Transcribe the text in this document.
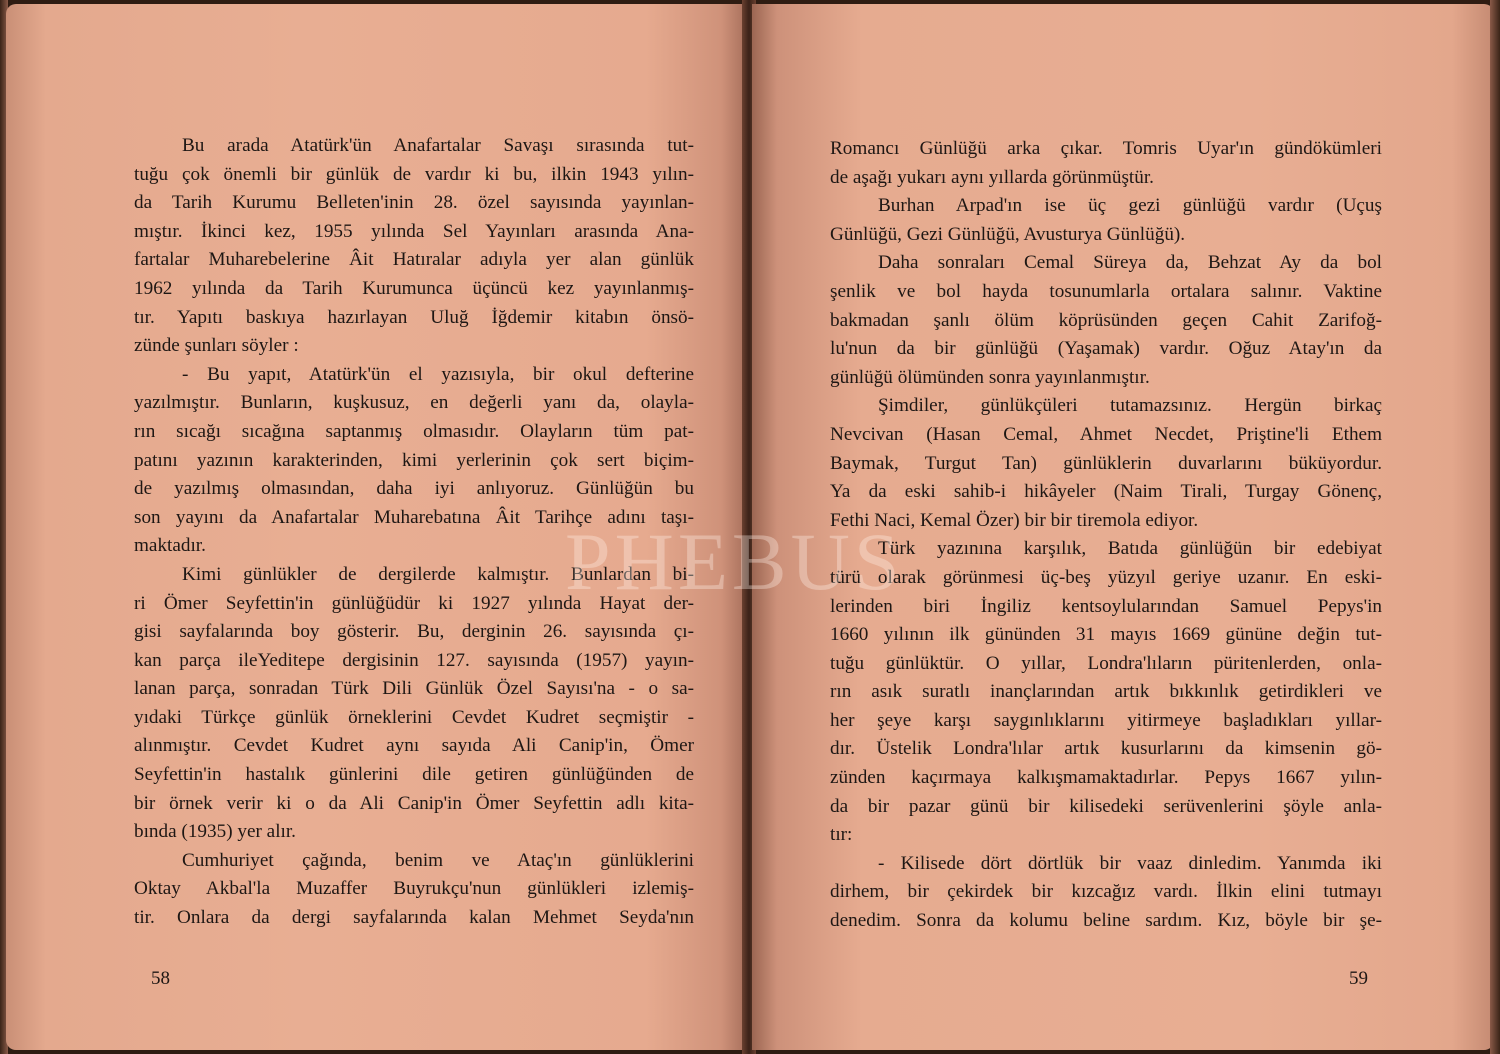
Bu arada Atatürk'ün Anafartalar Savaşı sırasında tut-
tuğu çok önemli bir günlük de vardır ki bu, ilkin 1943 yılın-
da Tarih Kurumu Belleten'inin 28. özel sayısında yayınlan-
mıştır. İkinci kez, 1955 yılında Sel Yayınları arasında Ana-
fartalar Muharebelerine Âit Hatıralar adıyla yer alan günlük
1962 yılında da Tarih Kurumunca üçüncü kez yayınlanmış-
tır. Yapıtı baskıya hazırlayan Uluğ İğdemir kitabın önsö-
zünde şunları söyler :
- Bu yapıt, Atatürk'ün el yazısıyla, bir okul defterine
yazılmıştır. Bunların, kuşkusuz, en değerli yanı da, olayla-
rın sıcağı sıcağına saptanmış olmasıdır. Olayların tüm pat-
patını yazının karakterinden, kimi yerlerinin çok sert biçim-
de yazılmış olmasından, daha iyi anlıyoruz. Günlüğün bu
son yayını da Anafartalar Muharebatına Âit Tarihçe adını taşı-
maktadır.
Kimi günlükler de dergilerde kalmıştır. Bunlardan bi-
ri Ömer Seyfettin'in günlüğüdür ki 1927 yılında Hayat der-
gisi sayfalarında boy gösterir. Bu, derginin 26. sayısında çı-
kan parça ileYeditepe dergisinin 127. sayısında (1957) yayın-
lanan parça, sonradan Türk Dili Günlük Özel Sayısı'na - o sa-
yıdaki Türkçe günlük örneklerini Cevdet Kudret seçmiştir -
alınmıştır. Cevdet Kudret aynı sayıda Ali Canip'in, Ömer
Seyfettin'in hastalık günlerini dile getiren günlüğünden de
bir örnek verir ki o da Ali Canip'in Ömer Seyfettin adlı kita-
bında (1935) yer alır.
Cumhuriyet çağında, benim ve Ataç'ın günlüklerini
Oktay Akbal'la Muzaffer Buyrukçu'nun günlükleri izlemiş-
tir. Onlara da dergi sayfalarında kalan Mehmet Seyda'nın
58
Romancı Günlüğü arka çıkar. Tomris Uyar'ın gündökümleri
de aşağı yukarı aynı yıllarda görünmüştür.
Burhan Arpad'ın ise üç gezi günlüğü vardır (Uçuş
Günlüğü, Gezi Günlüğü, Avusturya Günlüğü).
Daha sonraları Cemal Süreya da, Behzat Ay da bol
şenlik ve bol hayda tosunumlarla ortalara salınır. Vaktine
bakmadan şanlı ölüm köprüsünden geçen Cahit Zarifoğ-
lu'nun da bir günlüğü (Yaşamak) vardır. Oğuz Atay'ın da
günlüğü ölümünden sonra yayınlanmıştır.
Şimdiler, günlükçüleri tutamazsınız. Hergün birkaç
Nevcivan (Hasan Cemal, Ahmet Necdet, Priştine'li Ethem
Baymak, Turgut Tan) günlüklerin duvarlarını büküyordur.
Ya da eski sahib-i hikâyeler (Naim Tirali, Turgay Gönenç,
Fethi Naci, Kemal Özer) bir bir tiremola ediyor.
Türk yazınına karşılık, Batıda günlüğün bir edebiyat
türü olarak görünmesi üç-beş yüzyıl geriye uzanır. En eski-
lerinden biri İngiliz kentsoylularından Samuel Pepys'in
1660 yılının ilk gününden 31 mayıs 1669 gününe değin tut-
tuğu günlüktür. O yıllar, Londra'lıların püritenlerden, onla-
rın asık suratlı inançlarından artık bıkkınlık getirdikleri ve
her şeye karşı saygınlıklarını yitirmeye başladıkları yıllar-
dır. Üstelik Londra'lılar artık kusurlarını da kimsenin gö-
zünden kaçırmaya kalkışmamaktadırlar. Pepys 1667 yılın-
da bir pazar günü bir kilisedeki serüvenlerini şöyle anla-
tır:
- Kilisede dört dörtlük bir vaaz dinledim. Yanımda iki
dirhem, bir çekirdek bir kızcağız vardı. İlkin elini tutmayı
denedim. Sonra da kolumu beline sardım. Kız, böyle bir şe-
59
PHEBUS
